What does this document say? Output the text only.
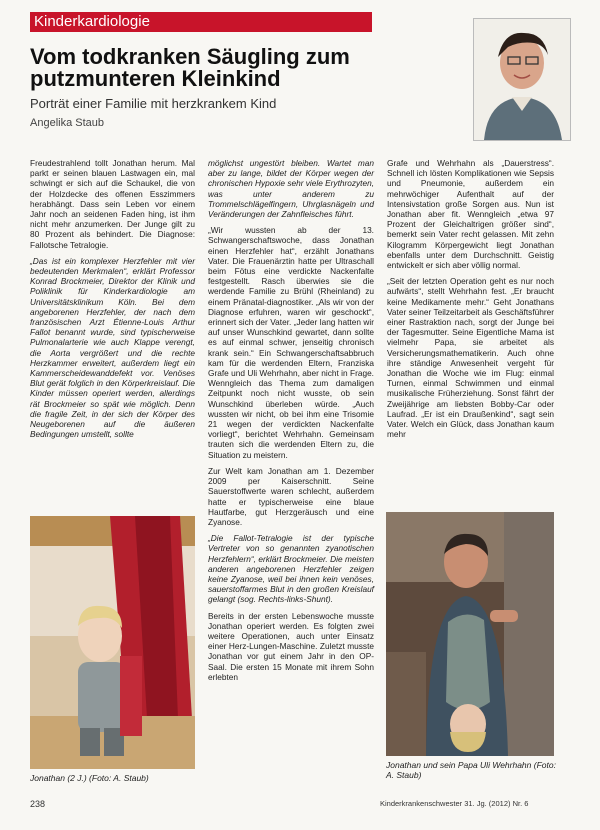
Kinderkardiologie
Vom todkranken Säugling zum putzmunteren Kleinkind
Porträt einer Familie mit herzkrankem Kind
Angelika Staub

Freudestrahlend tollt Jonathan herum. Mal parkt er seinen blauen Lastwagen ein, mal schwingt er sich auf die Schaukel, die von der Holzdecke des offenen Esszimmers herabhängt. Dass sein Leben vor einem Jahr noch an seidenen Faden hing, ist ihm nicht mehr anzumerken. Der Junge gilt zu 80 Prozent als behindert. Die Diagnose: Fallotsche Tetralogie.

„Das ist ein komplexer Herzfehler mit vier bedeutenden Merkmalen“, erklärt Professor Konrad Brockmeier, Direktor der Klinik und Poliklinik für Kinderkardiologie am Universitätsklinikum Köln. Bei dem angeborenen Herzfehler, der nach dem französischen Arzt Étienne-Louis Arthur Fallot benannt wurde, sind typischerweise Pulmonalarterie wie auch Klappe verengt, die Aorta vergrößert und die rechte Herzkammer erweitert, außerdem liegt ein Kammerscheidewanddefekt vor. Venöses Blut gerät folglich in den Körperkreislauf. Die Kinder müssen operiert werden, allerdings rät Brockmeier so spät wie möglich. Denn die fragile Zeit, in der sich der Körper des Neugeborenen auf die äußeren Bedingungen umstellt, sollte

möglichst ungestört bleiben. Wartet man aber zu lange, bildet der Körper wegen der chronischen Hypoxie sehr viele Erythrozyten, was unter anderem zu Trommelschlägelfingern, Uhrglasnägeln und Veränderungen der Zahnfleisches führt.

„Wir wussten ab der 13. Schwangerschaftswoche, dass Jonathan einen Herzfehler hat“, erzählt Jonathans Vater. Die Frauenärztin hatte per Ultraschall beim Fötus eine verdickte Nackenfalte festgestellt. Rasch überwies sie die werdende Familie zu Brühl (Rheinland) zu einem Pränatal-diagnostiker. „Als wir von der Diagnose erfuhren, waren wir geschockt“, erinnert sich der Vater. „Jeder lang hatten wir auf unser Wunschkind gewartet, dann sollte es auf einmal schwer, jenseitig chronisch krank sein.“ Ein Schwangerschaftsabbruch kam für die werdenden Eltern, Franziska Grafe und Uli Wehrhahn, aber nicht in Frage. Wenngleich das Thema zum damaligen Zeitpunkt noch nicht wusste, ob sein Wunschkind überleben würde. „Auch wussten wir nicht, ob bei ihm eine Trisomie 21 wegen der verdickten Nackenfalte vorliegt“, berichtet Wehrhahn. Gemeinsam trauten sich die werdenden Eltern zu, die Situation zu meistern.

Zur Welt kam Jonathan am 1. Dezember 2009 per Kaiserschnitt. Seine Sauerstoffwerte waren schlecht, außerdem hatte er typischerweise eine blaue Hautfarbe, gut Herzgeräusch und eine Zyanose.

„Die Fallot-Tetralogie ist der typische Vertreter von so genannten zyanotischen Herzfehlern“, erklärt Brockmeier. Die meisten anderen angeborenen Herzfehler zeigen keine Zyanose, weil bei ihnen kein venöses, sauerstoffarmes Blut in den großen Kreislauf gelangt (sog. Rechts-links-Shunt).

Bereits in der ersten Lebenswoche musste Jonathan operiert werden. Es folgten zwei weitere Operationen, auch unter Einsatz einer Herz-Lungen-Maschine. Zuletzt musste Jonathan vor gut einem Jahr in den OP-Saal. Die ersten 15 Monate mit ihrem Sohn erlebten

Grafe und Wehrhahn als „Dauerstress“. Schnell ich lösten Komplikationen wie Sepsis und Pneumonie, außerdem ein mehrwöchiger Aufenthalt auf der Intensivstation große Sorgen aus. Nun ist Jonathan aber fit. Wenngleich „etwa 97 Prozent der Gleichaltrigen größer sind“, bemerkt sein Vater recht gelassen. Mit zehn Kilogramm Körpergewicht liegt Jonathan ebenfalls unter dem Durchschnitt. Geistig entwickelt er sich aber völlig normal.

„Seit der letzten Operation geht es nur noch aufwärts“, stellt Wehrhahn fest. „Er braucht keine Medikamente mehr.“ Geht Jonathans Vater seiner Teilzeitarbeit als Geschäftsführer einer Rastraktion nach, sorgt der Junge bei der Tagesmutter. Seine Eigentliche Mama ist vielmehr Papa, sie arbeitet als Versicherungsmathematikerin. Auch ohne ihre ständige Anwesenheit vergeht für Jonathan die Woche wie im Flug: einmal Turnen, einmal Schwimmen und einmal musikalische Früherziehung. Sonst fährt der Zweijährige am liebsten Bobby-Car oder Laufrad. „Er ist ein Draußenkind“, sagt sein Vater. Welch ein Glück, dass Jonathan kaum mehr

Jonathan (2 J.) (Foto: A. Staub)
Jonathan und sein Papa Uli Wehrhahn (Foto: A. Staub)
238	Kinderkrankenschwester 31. Jg. (2012) Nr. 6
